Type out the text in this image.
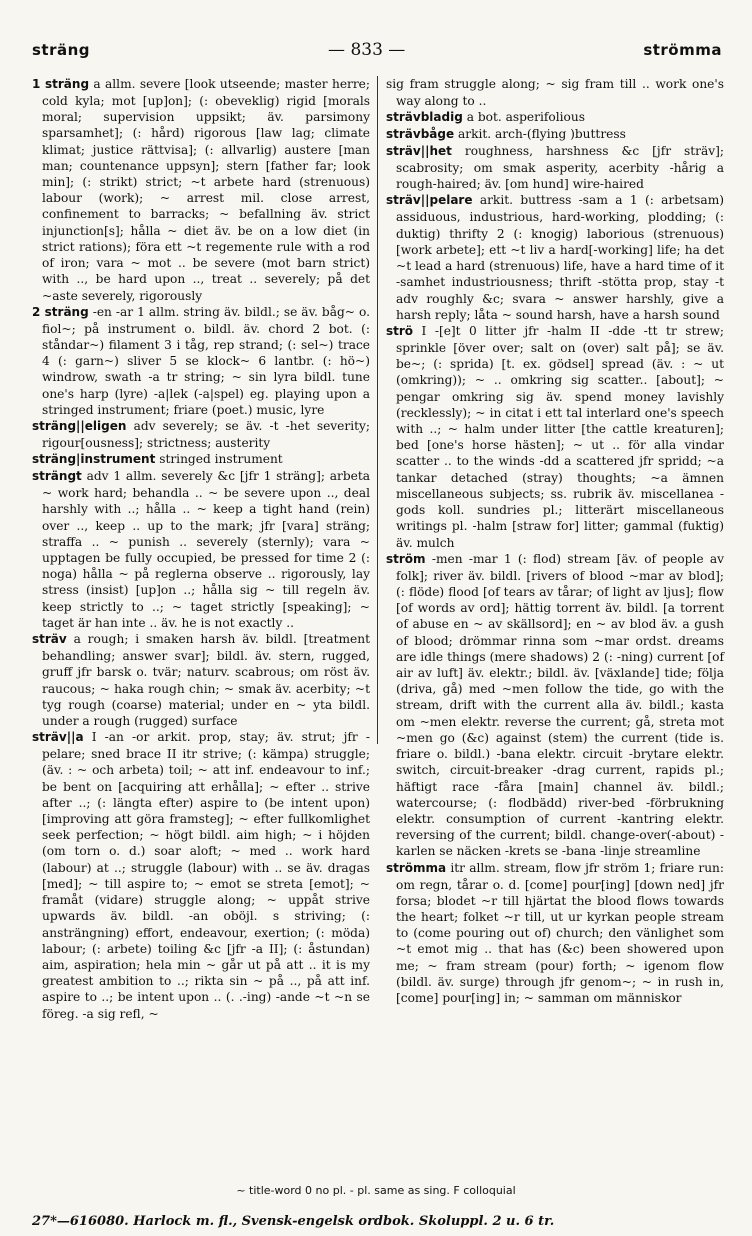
sträng	— 833 —	strömma

1 sträng a allm. severe [look utseende; master herre; cold kyla; mot [up]on]; (: obeveklig) rigid [morals moral; supervision uppsikt; äv. parsimony sparsamhet]; (: hård) rigorous [law lag; climate klimat; justice rättvisa]; (: allvarlig) austere [man man; countenance uppsyn]; stern [father far; look min]; (: strikt) strict; ~t arbete hard (strenuous) labour (work); ~ arrest mil. close arrest, confinement to barracks; ~ befallning äv. strict injunction[s]; hålla ~ diet äv. be on a low diet (in strict rations); föra ett ~t regemente rule with a rod of iron; vara ~ mot .. be severe (mot barn strict) with .., be hard upon .., treat .. severely; på det ~aste severely, rigorously

2 sträng -en -ar 1 allm. string äv. bildl.; se äv. båg~ o. fiol~; på instrument o. bildl. äv. chord 2 bot. (: ståndar~) filament 3 i tåg, rep strand; (: sel~) trace 4 (: garn~) sliver 5 se klock~ 6 lantbr. (: hö~) windrow, swath -a tr string; ~ sin lyra bildl. tune one's harp (lyre) -a|lek (-a|spel) eg. playing upon a stringed instrument; friare (poet.) music, lyre

sträng||eligen adv severely; se äv. -t -het severity; rigour[ousness]; strictness; austerity

sträng|instrument stringed instrument

strängt adv 1 allm. severely &c [jfr 1 sträng]; arbeta ~ work hard; behandla .. ~ be severe upon .., deal harshly with ..; hålla .. ~ keep a tight hand (rein) over .., keep .. up to the mark; jfr [vara] sträng; straffa .. ~ punish .. severely (sternly); vara ~ upptagen be fully occupied, be pressed for time 2 (: noga) hålla ~ på reglerna observe .. rigorously, lay stress (insist) [up]on ..; hålla sig ~ till regeln äv. keep strictly to ..; ~ taget strictly [speaking]; ~ taget är han inte .. äv. he is not exactly ..

sträv a rough; i smaken harsh äv. bildl. [treatment behandling; answer svar]; bildl. äv. stern, rugged, gruff jfr barsk o. tvär; naturv. scabrous; om röst äv. raucous; ~ haka rough chin; ~ smak äv. acerbity; ~t tyg rough (coarse) material; under en ~ yta bildl. under a rough (rugged) surface

sträv||a I -an -or arkit. prop, stay; äv. strut; jfr -pelare; sned brace II itr strive; (: kämpa) struggle; (äv. : ~ och arbeta) toil; ~ att inf. endeavour to inf.; be bent on [acquiring att erhålla]; ~ efter .. strive after ..; (: längta efter) aspire to (be intent upon) [improving att göra framsteg]; ~ efter fullkomlighet seek perfection; ~ högt bildl. aim high; ~ i höjden (om torn o. d.) soar aloft; ~ med .. work hard (labour) at ..; struggle (labour) with .. se äv. dragas [med]; ~ till aspire to; ~ emot se streta [emot]; ~ framåt (vidare) struggle along; ~ uppåt strive upwards äv. bildl. -an oböjl. s striving; (: ansträngning) effort, endeavour, exertion; (: möda) labour; (: arbete) toiling &c [jfr -a II]; (: åstundan) aim, aspiration; hela min ~ går ut på att .. it is my greatest ambition to ..; rikta sin ~ på .., på att inf. aspire to ..; be intent upon .. (. .-ing) -ande ~t ~n se föreg. -a sig refl, ~

sig fram struggle along; ~ sig fram till .. work one's way along to ..

strävbladig a bot. asperifolious

strävbåge arkit. arch-(flying )buttress

sträv||het roughness, harshness &c [jfr sträv]; scabrosity; om smak asperity, acerbity -hårig a rough-haired; äv. [om hund] wire-haired

sträv||pelare arkit. buttress -sam a 1 (: arbetsam) assiduous, industrious, hard-working, plodding; (: duktig) thrifty 2 (: knogig) laborious (strenuous) [work arbete]; ett ~t liv a hard[-working] life; ha det ~t lead a hard (strenuous) life, have a hard time of it -samhet industriousness; thrift -stötta prop, stay -t adv roughly &c; svara ~ answer harshly, give a harsh reply; låta ~ sound harsh, have a harsh sound

strö I -[e]t 0 litter jfr -halm II -dde -tt tr strew; sprinkle [över over; salt on (over) salt på]; se äv. be~; (: sprida) [t. ex. gödsel] spread (äv. : ~ ut (omkring)); ~ .. omkring sig scatter.. [about]; ~ pengar omkring sig äv. spend money lavishly (recklessly); ~ in citat i ett tal interlard one's speech with ..; ~ halm under litter [the cattle kreaturen]; bed [one's horse hästen]; ~ ut .. för alla vindar scatter .. to the winds -dd a scattered jfr spridd; ~a tankar detached (stray) thoughts; ~a ämnen miscellaneous subjects; ss. rubrik äv. miscellanea -gods koll. sundries pl.; litterärt miscellaneous writings pl. -halm [straw for] litter; gammal (fuktig) äv. mulch

ström -men -mar 1 (: flod) stream [äv. of people av folk]; river äv. bildl. [rivers of blood ~mar av blod]; (: flöde) flood [of tears av tårar; of light av ljus]; flow [of words av ord]; hättig torrent äv. bildl. [a torrent of abuse en ~ av skällsord]; en ~ av blod äv. a gush of blood; drömmar rinna som ~mar ordst. dreams are idle things (mere shadows) 2 (: -ning) current [of air av luft] äv. elektr.; bildl. äv. [växlande] tide; följa (driva, gå) med ~men follow the tide, go with the stream, drift with the current alla äv. bildl.; kasta om ~men elektr. reverse the current; gå, streta mot ~men go (&c) against (stem) the current (tide is. friare o. bildl.) -bana elektr. circuit -brytare elektr. switch, circuit-breaker -drag current, rapids pl.; häftigt race -fåra [main] channel äv. bildl.; watercourse; (: flodbädd) river-bed -förbrukning elektr. consumption of current -kantring elektr. reversing of the current; bildl. change-over(-about) -karlen se näcken -krets se -bana -linje streamline

strömma itr allm. stream, flow jfr ström 1; friare run: om regn, tårar o. d. [come] pour[ing] [down ned] jfr forsa; blodet ~r till hjärtat the blood flows towards the heart; folket ~r till, ut ur kyrkan people stream to (come pouring out of) church; den vänlighet som ~t emot mig .. that has (&c) been showered upon me; ~ fram stream (pour) forth; ~ igenom flow (bildl. äv. surge) through jfr genom~; ~ in rush in, [come] pour[ing] in; ~ samman om människor

~ title-word 0 no pl. - pl. same as sing. F colloquial
27*—616080. Harlock m. fl., Svensk-engelsk ordbok. Skoluppl. 2 u. 6 tr.
